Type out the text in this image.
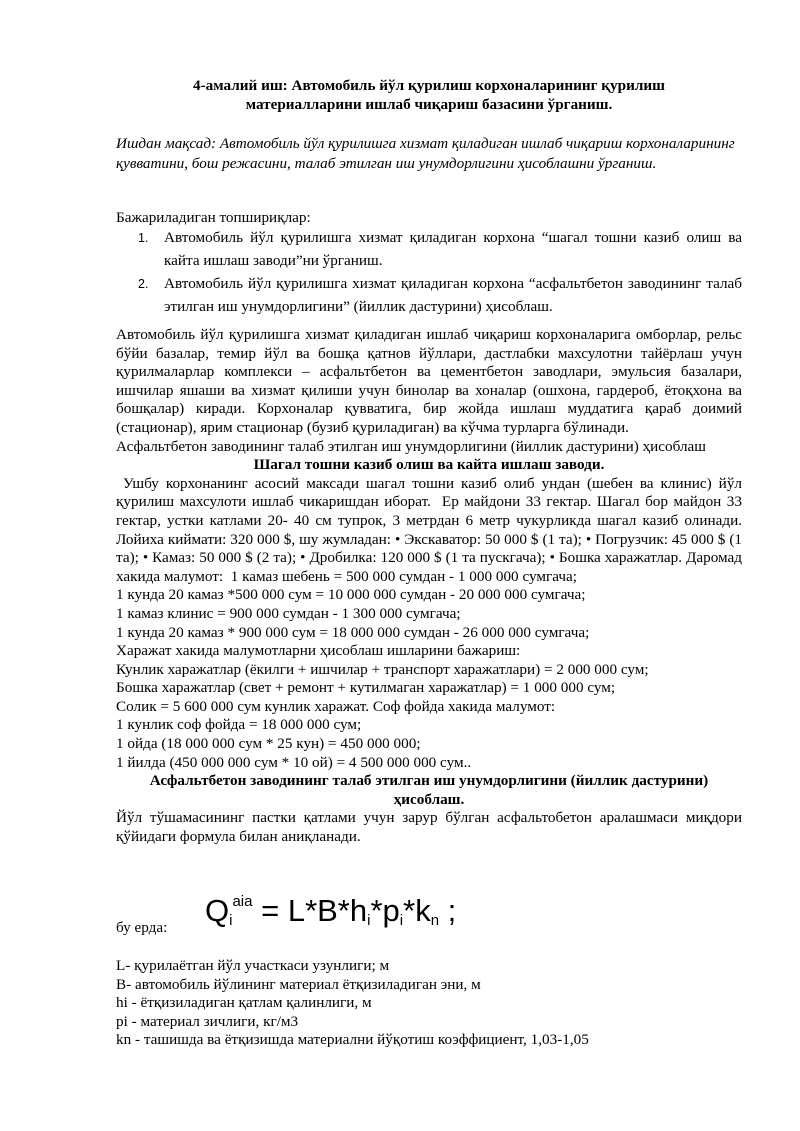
4-амалий иш: Автомобиль йўл қурилиш корхоналарининг қурилиш
материалларини ишлаб чиқариш базасини ўрганиш.
Ишдан мақсад: Автомобиль йўл қурилишга хизмат қиладиган ишлаб чиқариш корхоналарининг қувватини, бош режасини, талаб этилган иш унумдорлигини ҳисоблашни ўрганиш.
Бажариладиган топшириқлар:
1. Автомобиль йўл қурилишга хизмат қиладиган корхона “шагал тошни казиб олиш ва кайта ишлаш заводи”ни ўрганиш.
2. Автомобиль йўл қурилишга хизмат қиладиган корхона “асфальтбетон заводининг талаб этилган иш унумдорлигини” (йиллик дастурини) ҳисоблаш.

Автомобиль йўл қурилишга хизмат қиладиган ишлаб чиқариш корхоналарига омборлар, рельс бўйи базалар, темир йўл ва бошқа қатнов йўллари, дастлабки махсулотни тайёрлаш учун қурилмаларлар комплекси – асфальтбетон ва цементбетон заводлари, эмульсия базалари, ишчилар яшаши ва хизмат қилиши учун бинолар ва хоналар (ошхона, гардероб, ётоқхона ва бошқалар) киради. Корхоналар қувватига, бир жойда ишлаш муддатига қараб доимий (стационар), ярим стационар (бузиб қуриладиган) ва кўчма турларга бўлинади.

Асфальтбетон заводининг талаб этилган иш унумдорлигини (йиллик дастурини) ҳисоблаш

Шагал тошни казиб олиш ва кайта ишлаш заводи.

Ушбу корхонанинг асосий максади шагал тошни казиб олиб ундан (шебен ва клинис) йўл қурилиш махсулоти ишлаб чикаришдан иборат.  Ер майдони 33 гектар. Шагал бор майдон 33 гектар, устки катлами 20- 40 см тупрок, 3 метрдан 6 метр чукурликда шагал казиб олинади. Лойиха киймати: 320 000 $, шу жумладан: • Экскаватор: 50 000 $ (1 та); • Погрузчик: 45 000 $ (1 та); • Камаз: 50 000 $ (2 та); • Дробилка: 120 000 $ (1 та пускгача); • Бошка харажатлар. Даромад хакида малумот:  1 камаз шебень = 500 000 сумдан - 1 000 000 сумгача;

1 кунда 20 камаз *500 000 сум = 10 000 000 сумдан - 20 000 000 сумгача;

1 камаз клинис = 900 000 сумдан - 1 300 000 сумгача;

1 кунда 20 камаз * 900 000 сум = 18 000 000 сумдан - 26 000 000 сумгача;

Харажат хакида малумотларни ҳисоблаш ишларини бажариш:

Кунлик харажатлар (ёкилги + ишчилар + транспорт харажатлари) = 2 000 000 сум;

Бошка харажатлар (свет + ремонт + кутилмаган харажатлар) = 1 000 000 сум;

Солик = 5 600 000 сум кунлик харажат. Соф фойда хакида малумот:

1 кунлик соф фойда = 18 000 000 сум;

1 ойда (18 000 000 сум * 25 кун) = 450 000 000;

1 йилда (450 000 000 сум * 10 ой) = 4 500 000 000 сум..

Асфальтбетон заводининг талаб этилган иш унумдорлигини (йиллик дастурини) ҳисоблаш.

Йўл тўшамасининг пастки қатлами учун зарур бўлган асфальтобетон аралашмаси миқдори қўйидаги формула билан аниқланади.

$Q_i^{aia} = L*B*h_i*p_i*k_n$ ;
бу ерда:
L- қурилаётган йўл участкаси узунлиги; м
B- автомобиль йўлининг материал ётқизиладиган эни, м
hi - ётқизиладиган қатлам қалинлиги, м
pi - материал зичлиги, кг/м3
kn - ташишда ва ётқизишда материални йўқотиш коэффициент, 1,03-1,05
